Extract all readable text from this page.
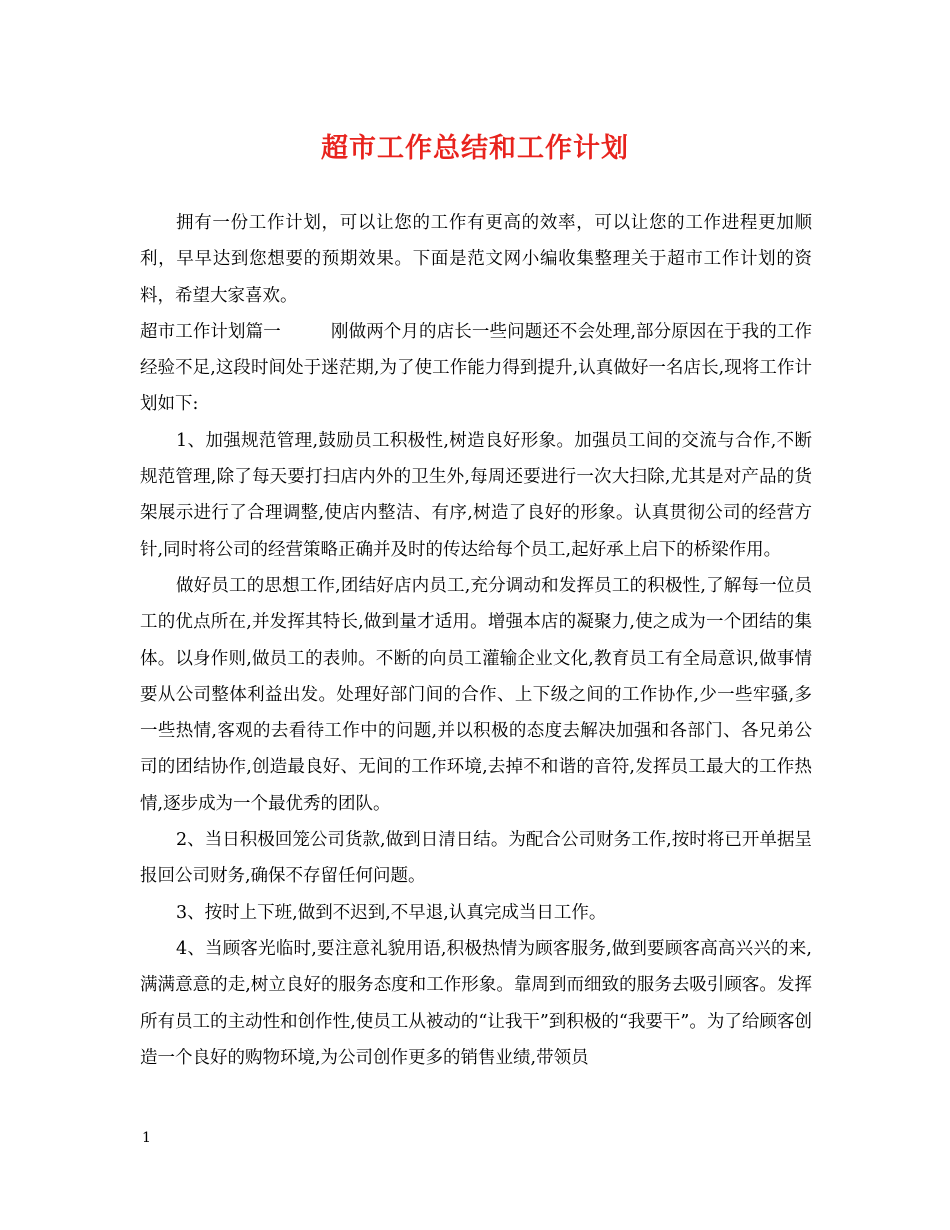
超市工作总结和工作计划

拥有一份工作计划，可以让您的工作有更高的效率，可以让您的工作进程更加顺利，早早达到您想要的预期效果。下面是范文网小编收集整理关于超市工作计划的资料，希望大家喜欢。

超市工作计划篇一	刚做两个月的店长一些问题还不会处理,部分原因在于我的工作经验不足,这段时间处于迷茫期,为了使工作能力得到提升,认真做好一名店长,现将工作计划如下:

1、加强规范管理,鼓励员工积极性,树造良好形象。加强员工间的交流与合作,不断规范管理,除了每天要打扫店内外的卫生外,每周还要进行一次大扫除,尤其是对产品的货架展示进行了合理调整,使店内整洁、有序,树造了良好的形象。认真贯彻公司的经营方针,同时将公司的经营策略正确并及时的传达给每个员工,起好承上启下的桥梁作用。

做好员工的思想工作,团结好店内员工,充分调动和发挥员工的积极性,了解每一位员工的优点所在,并发挥其特长,做到量才适用。增强本店的凝聚力,使之成为一个团结的集体。以身作则,做员工的表帅。不断的向员工灌输企业文化,教育员工有全局意识,做事情要从公司整体利益出发。处理好部门间的合作、上下级之间的工作协作,少一些牢骚,多一些热情,客观的去看待工作中的问题,并以积极的态度去解决加强和各部门、各兄弟公司的团结协作,创造最良好、无间的工作环境,去掉不和谐的音符,发挥员工最大的工作热情,逐步成为一个最优秀的团队。

2、当日积极回笼公司货款,做到日清日结。为配合公司财务工作,按时将已开单据呈报回公司财务,确保不存留任何问题。

3、按时上下班,做到不迟到,不早退,认真完成当日工作。

4、当顾客光临时,要注意礼貌用语,积极热情为顾客服务,做到要顾客高高兴兴的来,满满意意的走,树立良好的服务态度和工作形象。靠周到而细致的服务去吸引顾客。发挥所有员工的主动性和创作性,使员工从被动的“让我干”到积极的“我要干”。为了给顾客创造一个良好的购物环境,为公司创作更多的销售业绩,带领员

1
